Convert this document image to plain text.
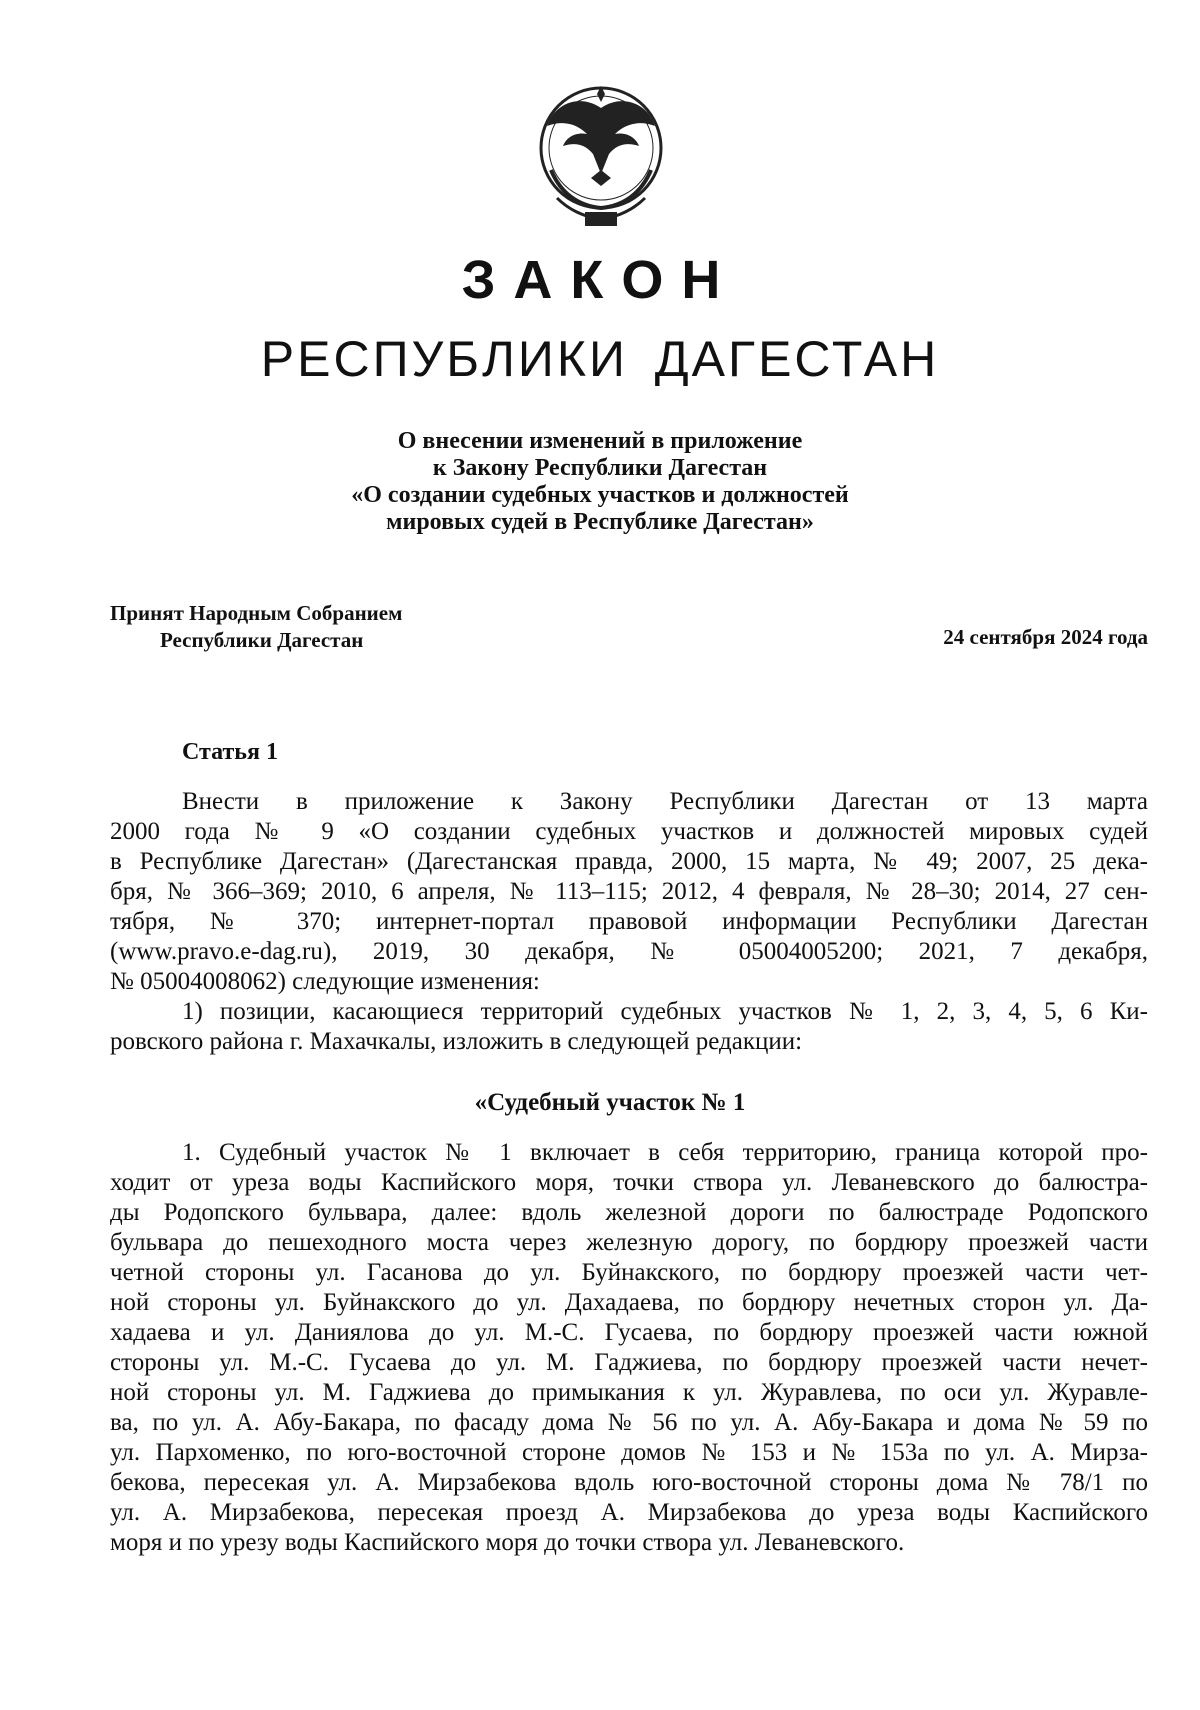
ЗАКОН
РЕСПУБЛИКИ ДАГЕСТАН
О внесении изменений в приложение
к Закону Республики Дагестан
«О создании судебных участков и должностей
мировых судей в Республике Дагестан»
Принят Народным Собранием
Республики Дагестан	24 сентября 2024 года
Статья 1
Внести в приложение к Закону Республики Дагестан от 13 марта
2000 года № 9 «О создании судебных участков и должностей мировых судей
в Республике Дагестан» (Дагестанская правда, 2000, 15 марта, № 49; 2007, 25 дека-
бря, № 366–369; 2010, 6 апреля, № 113–115; 2012, 4 февраля, № 28–30; 2014, 27 сен-
тября, № 370; интернет-портал правовой информации Республики Дагестан
(www.pravo.e-dag.ru), 2019, 30 декабря, № 05004005200; 2021, 7 декабря,
№ 05004008062) следующие изменения:
1) позиции, касающиеся территорий судебных участков № 1, 2, 3, 4, 5, 6 Ки-
ровского района г. Махачкалы, изложить в следующей редакции:
«Судебный участок № 1
1. Судебный участок № 1 включает в себя территорию, граница которой про-
ходит от уреза воды Каспийского моря, точки створа ул. Леваневского до балюстра-
ды Родопского бульвара, далее: вдоль железной дороги по балюстраде Родопского
бульвара до пешеходного моста через железную дорогу, по бордюру проезжей части
четной стороны ул. Гасанова до ул. Буйнакского, по бордюру проезжей части чет-
ной стороны ул. Буйнакского до ул. Дахадаева, по бордюру нечетных сторон ул. Да-
хадаева и ул. Даниялова до ул. М.-С. Гусаева, по бордюру проезжей части южной
стороны ул. М.-С. Гусаева до ул. М. Гаджиева, по бордюру проезжей части нечет-
ной стороны ул. М. Гаджиева до примыкания к ул. Журавлева, по оси ул. Журавле-
ва, по ул. А. Абу-Бакара, по фасаду дома № 56 по ул. А. Абу-Бакара и дома № 59 по
ул. Пархоменко, по юго-восточной стороне домов № 153 и № 153а по ул. А. Мирза-
бекова, пересекая ул. А. Мирзабекова вдоль юго-восточной стороны дома № 78/1 по
ул. А. Мирзабекова, пересекая проезд А. Мирзабекова до уреза воды Каспийского
моря и по урезу воды Каспийского моря до точки створа ул. Леваневского.
